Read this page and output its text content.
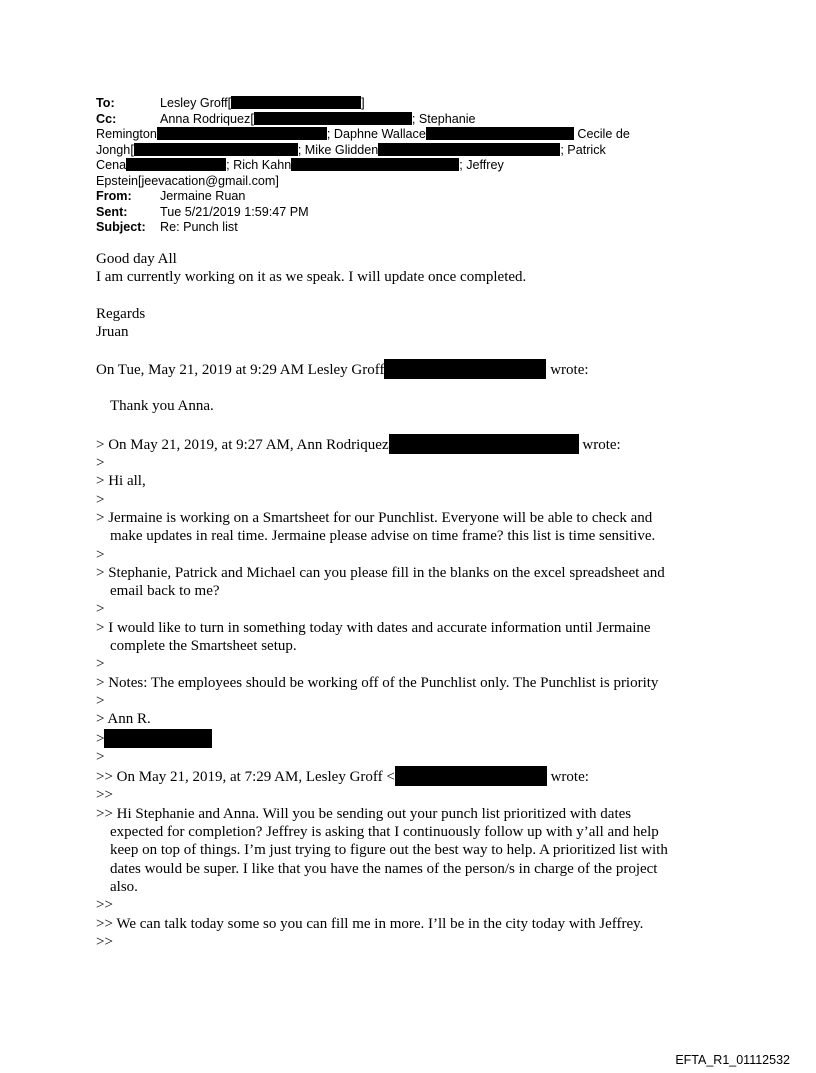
To:	Lesley Groff[	]
Cc:	Anna Rodriquez[	; Stephanie
Remington	; Daphne Wallace	Cecile de
Jongh[	; Mike Glidden	; Patrick
Cena	; Rich Kahn	; Jeffrey
Epstein[jeevacation@gmail.com]
From: Jermaine Ruan
Sent:	Tue 5/21/2019 1:59:47 PM
Subject: Re: Punch list

Good day All

I am currently working on it as we speak. I will update once completed.

Regards

Jruan

On Tue, May 21, 2019 at 9:29 AM Lesley Groff	wrote:

Thank you Anna.

> On May 21, 2019, at 9:27 AM, Ann Rodriquez	wrote:

>

> Hi all,

>

> Jermaine is working on a Smartsheet for our Punchlist. Everyone will be able to check and

make updates in real time. Jermaine please advise on time frame? this list is time sensitive.

>

> Stephanie, Patrick and Michael can you please fill in the blanks on the excel spreadsheet and

email back to me?

>

> I would like to turn in something today with dates and accurate information until Jermaine

complete the Smartsheet setup.

>

> Notes: The employees should be working off of the Punchlist only. The Punchlist is priority

>

> Ann R.

>

>

>> On May 21, 2019, at 7:29 AM, Lesley Groff <	wrote:

>>

>> Hi Stephanie and Anna. Will you be sending out your punch list prioritized with dates

expected for completion? Jeffrey is asking that I continuously follow up with y’all and help

keep on top of things. I’m just trying to figure out the best way to help. A prioritized list with

dates would be super. I like that you have the names of the person/s in charge of the project

also.

>>

>> We can talk today some so you can fill me in more. I’ll be in the city today with Jeffrey.

>>

EFTA_R1_01112532
